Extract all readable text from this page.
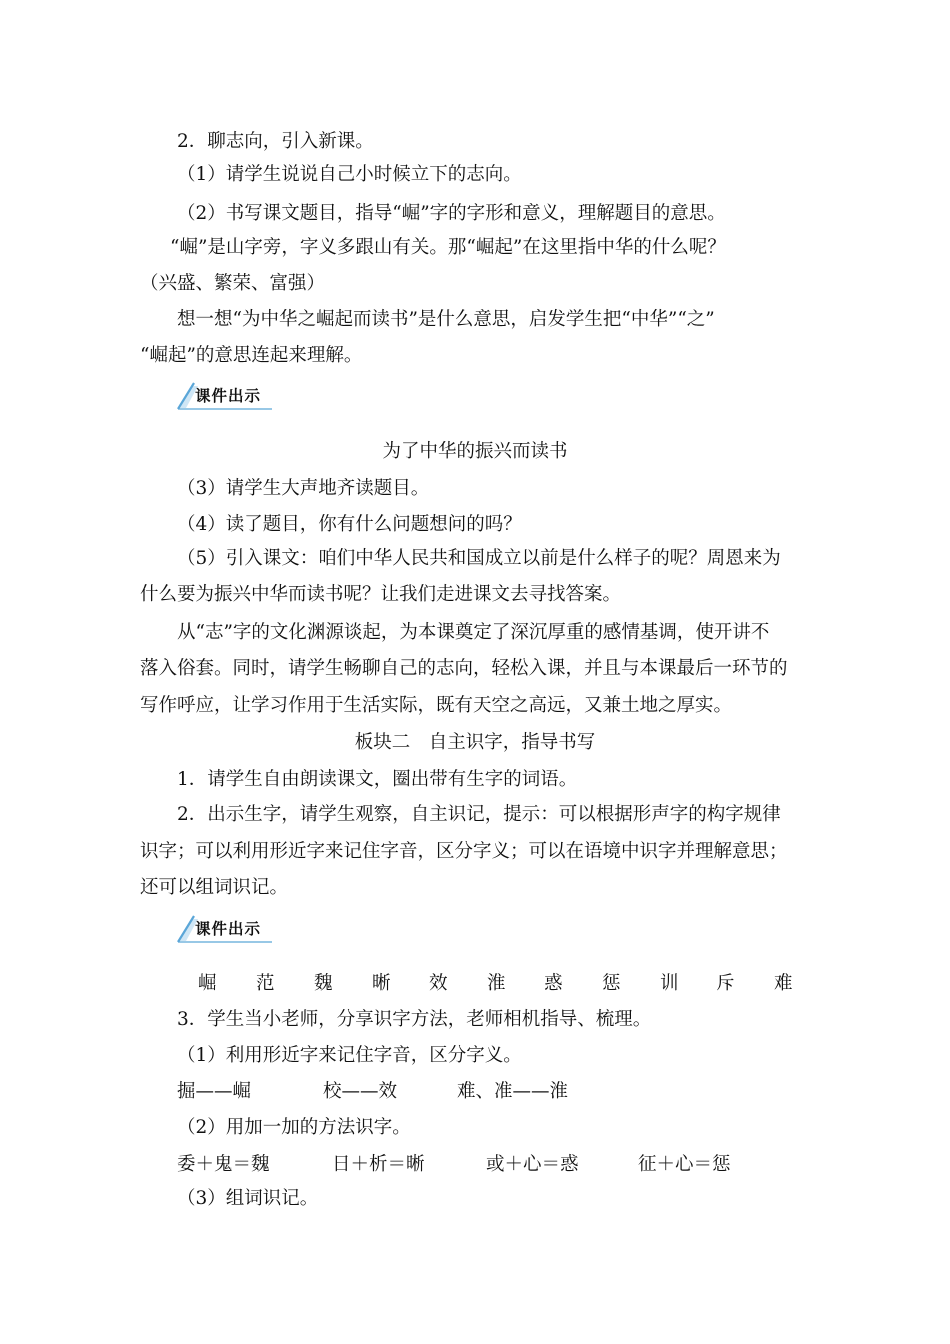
2．聊志向，引入新课。
（1）请学生说说自己小时候立下的志向。
（2）书写课文题目，指导“崛”字的字形和意义，理解题目的意思。
“崛”是山字旁，字义多跟山有关。那“崛起”在这里指中华的什么呢？
（兴盛、繁荣、富强）
想一想“为中华之崛起而读书”是什么意思，启发学生把“中华”“之”
“崛起”的意思连起来理解。
课件出示
为了中华的振兴而读书
（3）请学生大声地齐读题目。
（4）读了题目，你有什么问题想问的吗？
（5）引入课文：咱们中华人民共和国成立以前是什么样子的呢？周恩来为
什么要为振兴中华而读书呢？让我们走进课文去寻找答案。
从“志”字的文化渊源谈起，为本课奠定了深沉厚重的感情基调，使开讲不
落入俗套。同时，请学生畅聊自己的志向，轻松入课，并且与本课最后一环节的
写作呼应，让学习作用于生活实际，既有天空之高远，又兼土地之厚实。
板块二　自主识字，指导书写
1．请学生自由朗读课文，圈出带有生字的词语。
2．出示生字，请学生观察，自主识记，提示：可以根据形声字的构字规律
识字；可以利用形近字来记住字音，区分字义；可以在语境中识字并理解意思；
还可以组词识记。
课件出示
崛 范 魏 晰 效 淮 惑 惩 训 斥 难
3．学生当小老师，分享识字方法，老师相机指导、梳理。
（1）利用形近字来记住字音，区分字义。
掘——崛	校——效	难、准——淮
（2）用加一加的方法识字。
委＋鬼＝魏	日＋析＝晰	或＋心＝惑	征＋心＝惩
（3）组词识记。
